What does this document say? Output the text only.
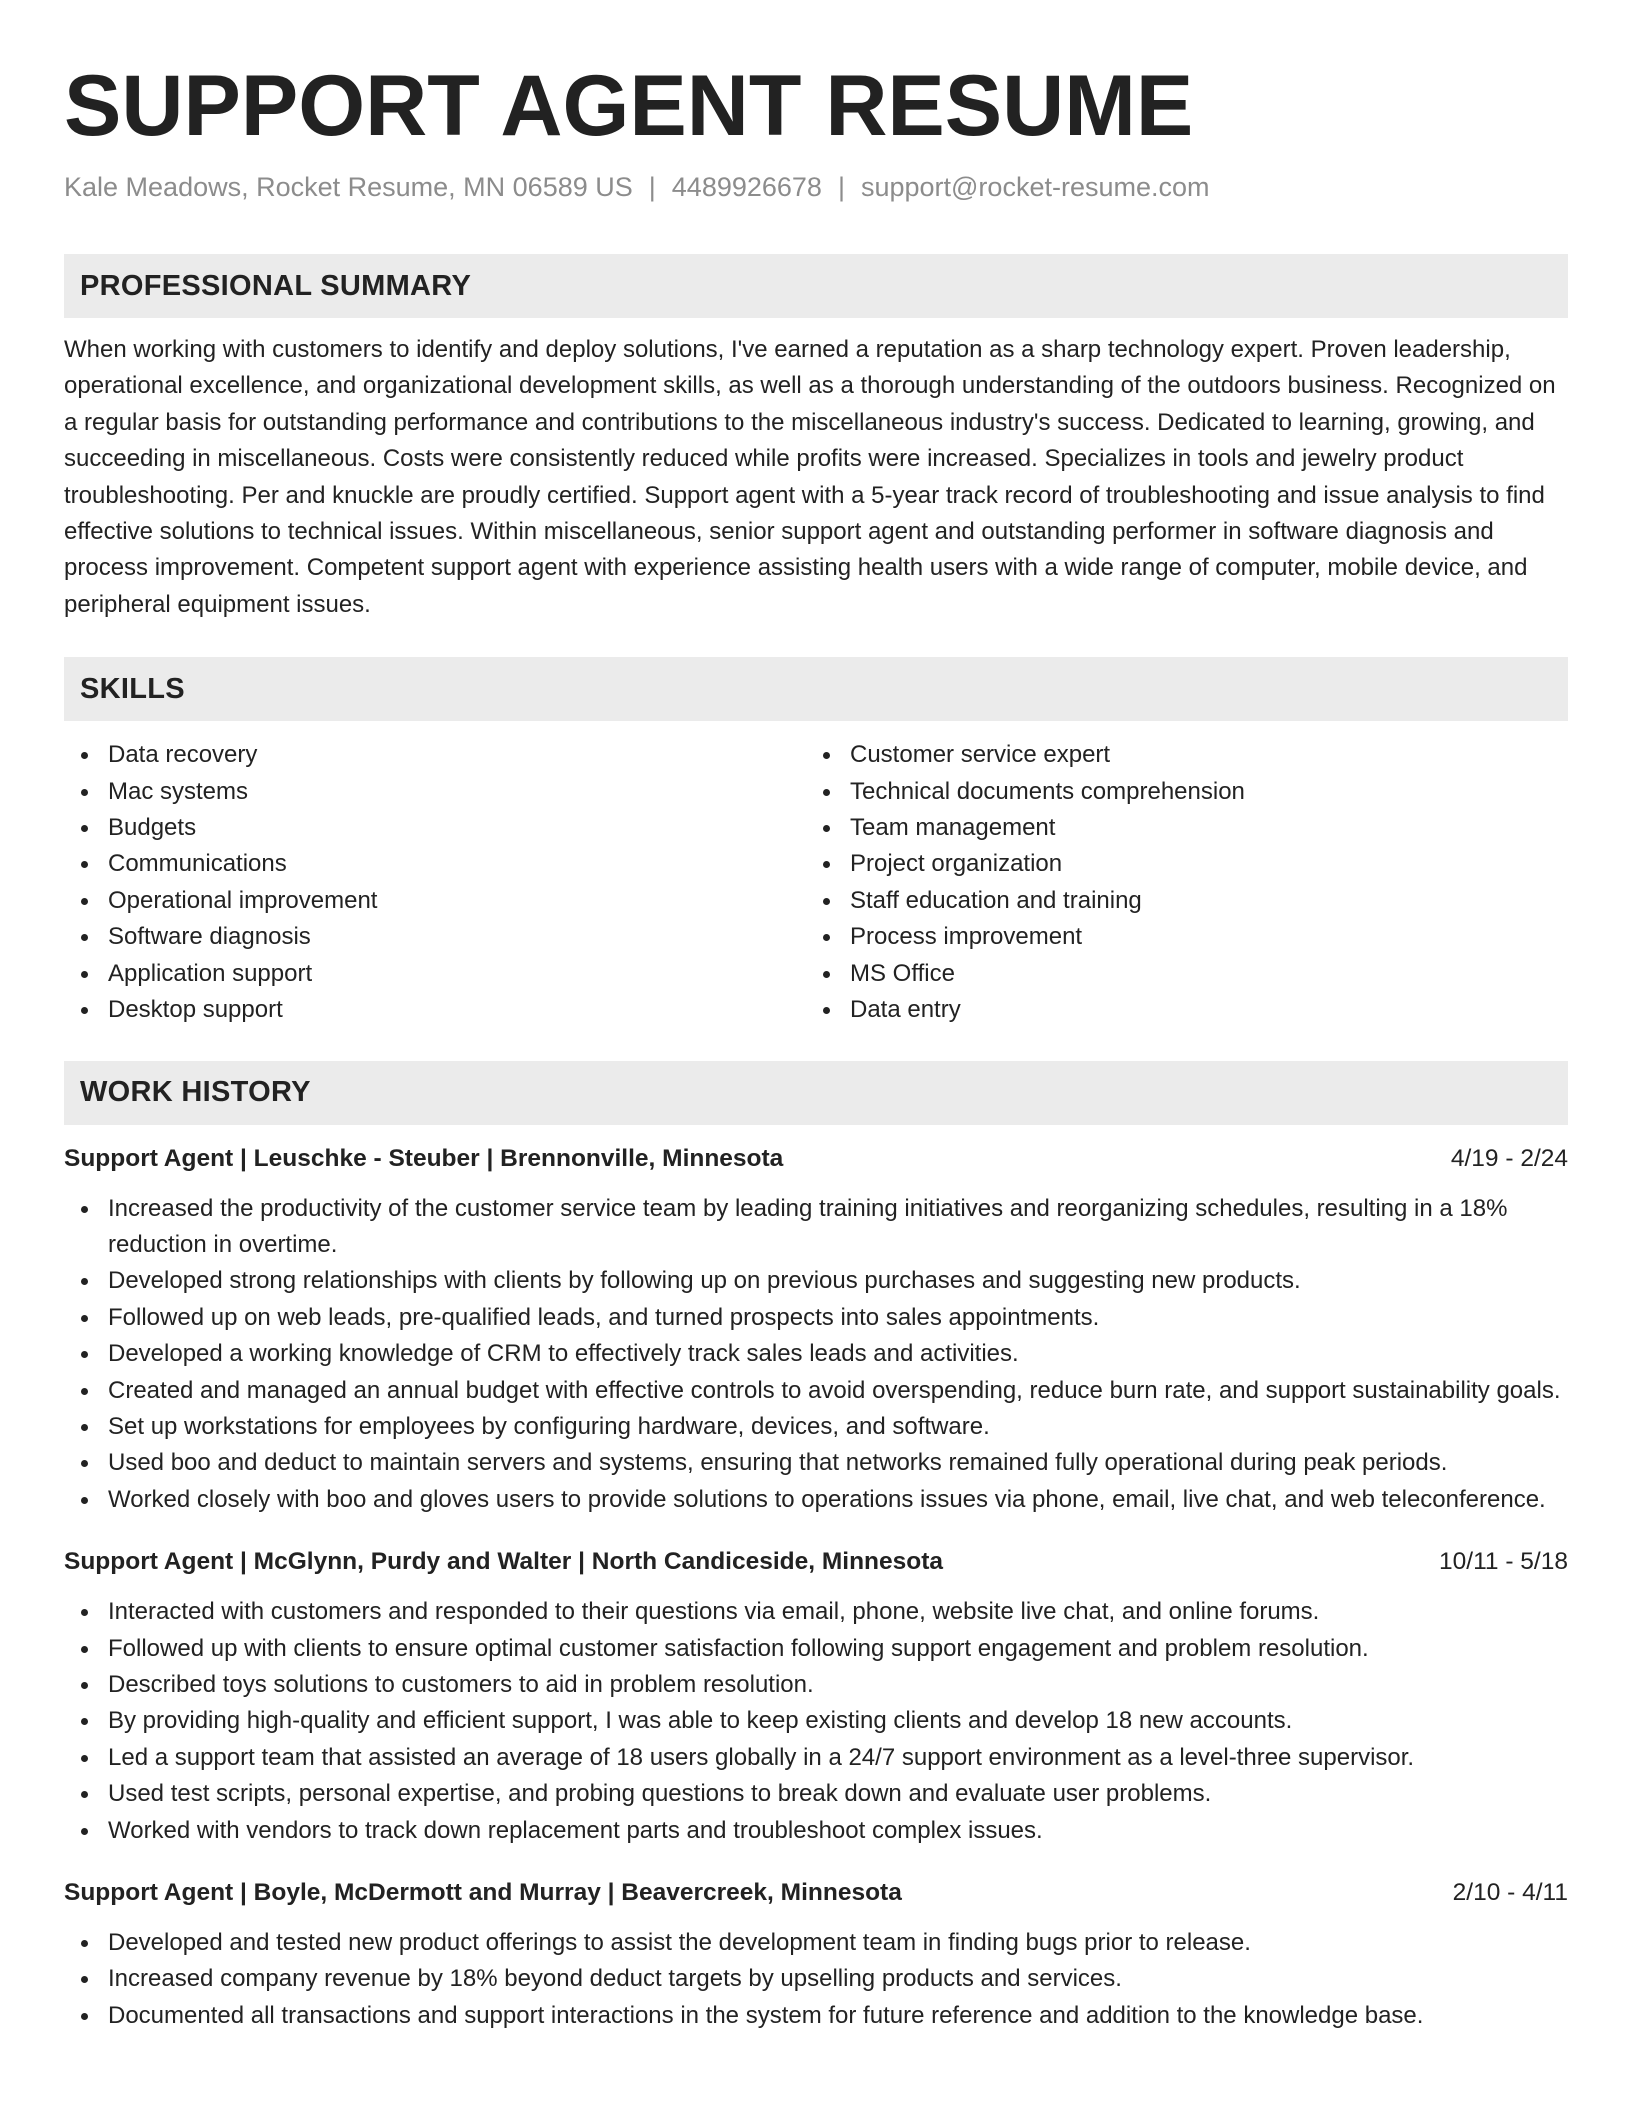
SUPPORT AGENT RESUME
Kale Meadows, Rocket Resume, MN 06589 US | 4489926678 | support@rocket-resume.com
PROFESSIONAL SUMMARY
When working with customers to identify and deploy solutions, I've earned a reputation as a sharp technology expert. Proven leadership, operational excellence, and organizational development skills, as well as a thorough understanding of the outdoors business. Recognized on a regular basis for outstanding performance and contributions to the miscellaneous industry's success. Dedicated to learning, growing, and succeeding in miscellaneous. Costs were consistently reduced while profits were increased. Specializes in tools and jewelry product troubleshooting. Per and knuckle are proudly certified. Support agent with a 5-year track record of troubleshooting and issue analysis to find effective solutions to technical issues. Within miscellaneous, senior support agent and outstanding performer in software diagnosis and process improvement. Competent support agent with experience assisting health users with a wide range of computer, mobile device, and peripheral equipment issues.
SKILLS
Data recovery
Mac systems
Budgets
Communications
Operational improvement
Software diagnosis
Application support
Desktop support
Customer service expert
Technical documents comprehension
Team management
Project organization
Staff education and training
Process improvement
MS Office
Data entry
WORK HISTORY
Support Agent | Leuschke - Steuber | Brennonville, Minnesota	4/19 - 2/24
Increased the productivity of the customer service team by leading training initiatives and reorganizing schedules, resulting in a 18% reduction in overtime.
Developed strong relationships with clients by following up on previous purchases and suggesting new products.
Followed up on web leads, pre-qualified leads, and turned prospects into sales appointments.
Developed a working knowledge of CRM to effectively track sales leads and activities.
Created and managed an annual budget with effective controls to avoid overspending, reduce burn rate, and support sustainability goals.
Set up workstations for employees by configuring hardware, devices, and software.
Used boo and deduct to maintain servers and systems, ensuring that networks remained fully operational during peak periods.
Worked closely with boo and gloves users to provide solutions to operations issues via phone, email, live chat, and web teleconference.
Support Agent | McGlynn, Purdy and Walter | North Candiceside, Minnesota	10/11 - 5/18
Interacted with customers and responded to their questions via email, phone, website live chat, and online forums.
Followed up with clients to ensure optimal customer satisfaction following support engagement and problem resolution.
Described toys solutions to customers to aid in problem resolution.
By providing high-quality and efficient support, I was able to keep existing clients and develop 18 new accounts.
Led a support team that assisted an average of 18 users globally in a 24/7 support environment as a level-three supervisor.
Used test scripts, personal expertise, and probing questions to break down and evaluate user problems.
Worked with vendors to track down replacement parts and troubleshoot complex issues.
Support Agent | Boyle, McDermott and Murray | Beavercreek, Minnesota	2/10 - 4/11
Developed and tested new product offerings to assist the development team in finding bugs prior to release.
Increased company revenue by 18% beyond deduct targets by upselling products and services.
Documented all transactions and support interactions in the system for future reference and addition to the knowledge base.
